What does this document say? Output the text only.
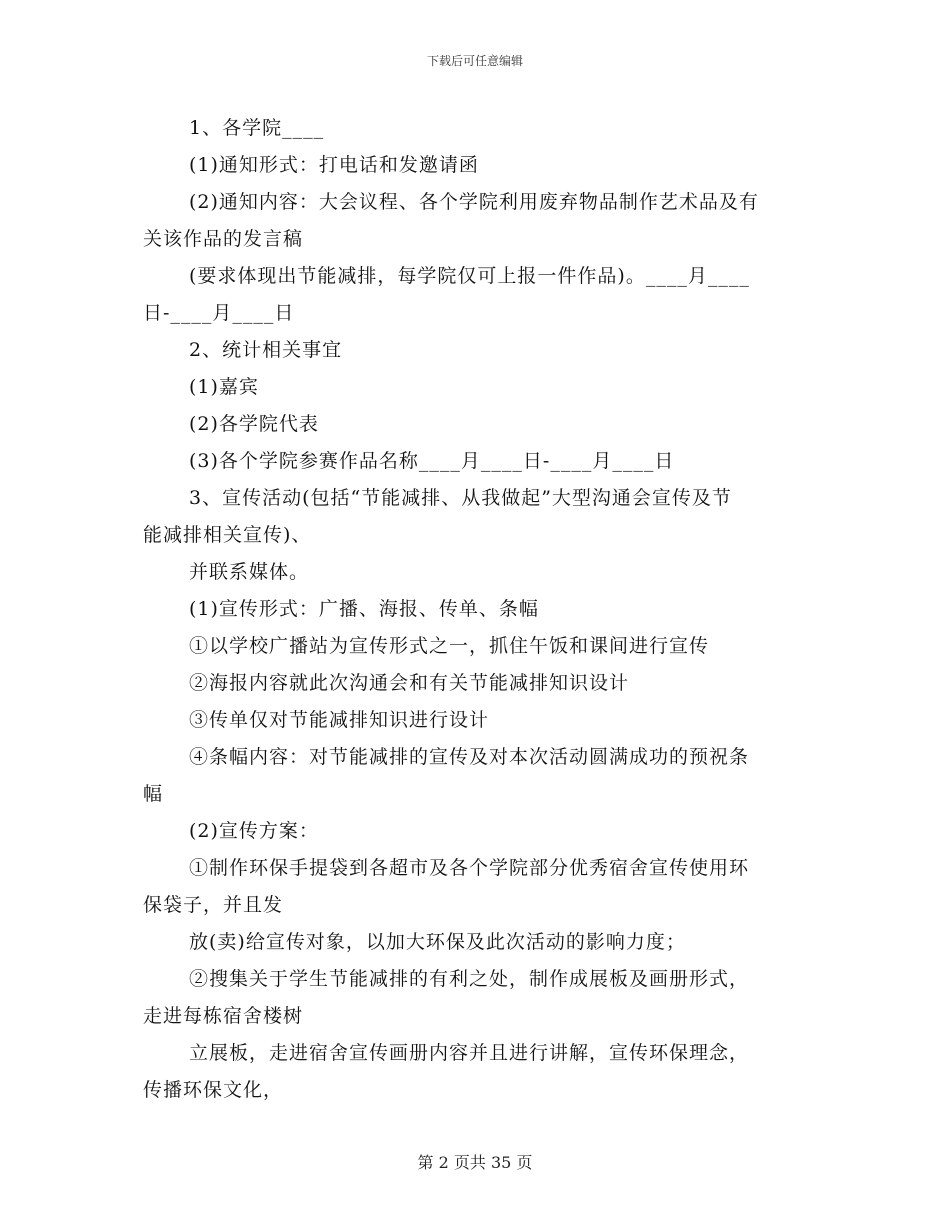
下载后可任意编辑
1、各学院____
(1)通知形式：打电话和发邀请函
(2)通知内容：大会议程、各个学院利用废弃物品制作艺术品及有
关该作品的发言稿
(要求体现出节能减排，每学院仅可上报一件作品)。____月____
日-____月____日
2、统计相关事宜
(1)嘉宾
(2)各学院代表
(3)各个学院参赛作品名称____月____日-____月____日
3、宣传活动(包括“节能减排、从我做起”大型沟通会宣传及节
能减排相关宣传)、
并联系媒体。
(1)宣传形式：广播、海报、传单、条幅
①以学校广播站为宣传形式之一，抓住午饭和课间进行宣传
②海报内容就此次沟通会和有关节能减排知识设计
③传单仅对节能减排知识进行设计
④条幅内容：对节能减排的宣传及对本次活动圆满成功的预祝条
幅
(2)宣传方案：
①制作环保手提袋到各超市及各个学院部分优秀宿舍宣传使用环
保袋子，并且发
放(卖)给宣传对象，以加大环保及此次活动的影响力度；
②搜集关于学生节能减排的有利之处，制作成展板及画册形式，
走进每栋宿舍楼树
立展板，走进宿舍宣传画册内容并且进行讲解，宣传环保理念，
传播环保文化，
第 2 页共 35 页
